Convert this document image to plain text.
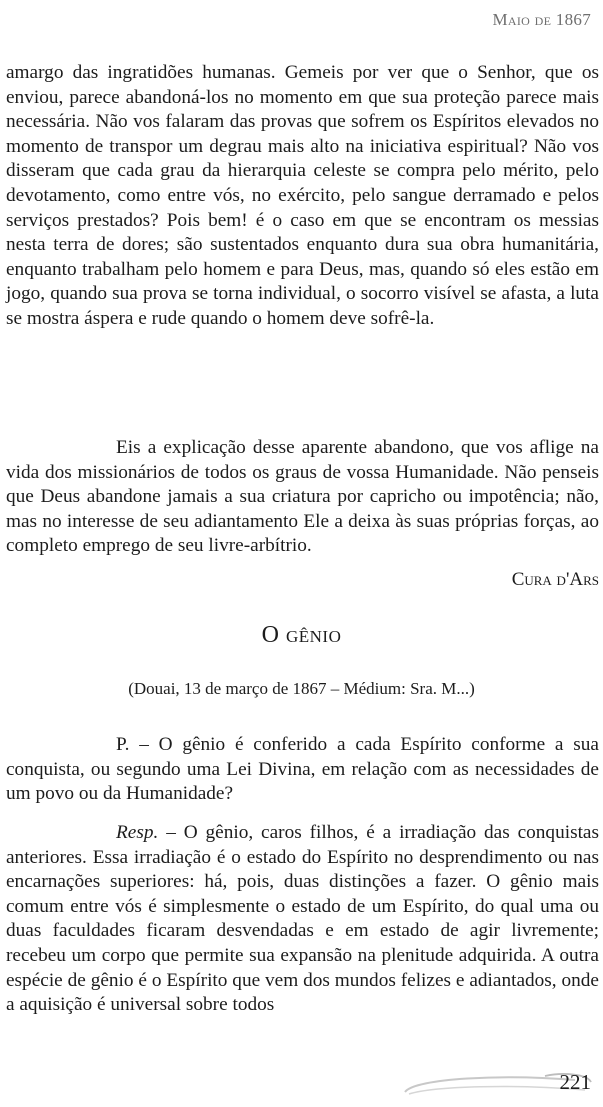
Maio de 1867

amargo das ingratidões humanas. Gemeis por ver que o Senhor, que os enviou, parece abandoná-los no momento em que sua proteção parece mais necessária. Não vos falaram das provas que sofrem os Espíritos elevados no momento de transpor um degrau mais alto na iniciativa espiritual? Não vos disseram que cada grau da hierarquia celeste se compra pelo mérito, pelo devotamento, como entre vós, no exército, pelo sangue derramado e pelos serviços prestados? Pois bem! é o caso em que se encontram os messias nesta terra de dores; são sustentados enquanto dura sua obra humanitária, enquanto trabalham pelo homem e para Deus, mas, quando só eles estão em jogo, quando sua prova se torna individual, o socorro visível se afasta, a luta se mostra áspera e rude quando o homem deve sofrê-la.

Eis a explicação desse aparente abandono, que vos aflige na vida dos missionários de todos os graus de vossa Humanidade. Não penseis que Deus abandone jamais a sua criatura por capricho ou impotência; não, mas no interesse de seu adiantamento Ele a deixa às suas próprias forças, ao completo emprego de seu livre-arbítrio.

Cura d'Ars
O gênio
(Douai, 13 de março de 1867 – Médium: Sra. M...)

P. – O gênio é conferido a cada Espírito conforme a sua conquista, ou segundo uma Lei Divina, em relação com as necessidades de um povo ou da Humanidade?

Resp. – O gênio, caros filhos, é a irradiação das conquistas anteriores. Essa irradiação é o estado do Espírito no desprendimento ou nas encarnações superiores: há, pois, duas distinções a fazer. O gênio mais comum entre vós é simplesmente o estado de um Espírito, do qual uma ou duas faculdades ficaram desvendadas e em estado de agir livremente; recebeu um corpo que permite sua expansão na plenitude adquirida. A outra espécie de gênio é o Espírito que vem dos mundos felizes e adiantados, onde a aquisição é universal sobre todos

221
